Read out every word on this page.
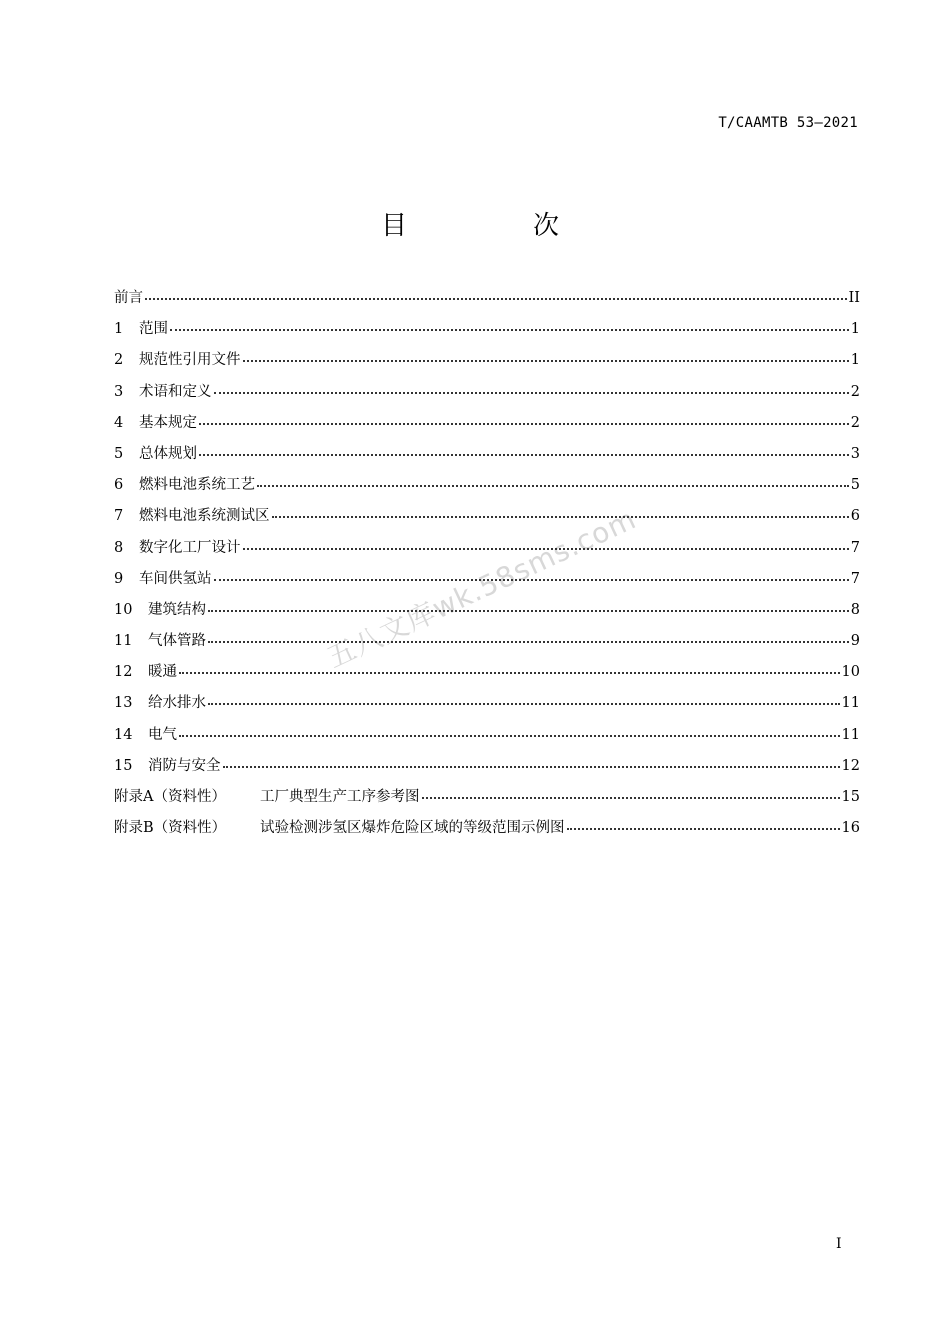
T/CAAMTB 53—2021
目　次
五八文库wk.58sms.com
前言	II
1	范围	1
2	规范性引用文件	1
3	术语和定义	2
4	基本规定	2
5	总体规划	3
6	燃料电池系统工艺	5
7	燃料电池系统测试区	6
8	数字化工厂设计	7
9	车间供氢站	7
10	建筑结构	8
11	气体管路	9
12	暖通	10
13	给水排水	11
14	电气	11
15	消防与安全	12
附录A（资料性）	工厂典型生产工序参考图	15
附录B（资料性）	试验检测涉氢区爆炸危险区域的等级范围示例图	16
I
